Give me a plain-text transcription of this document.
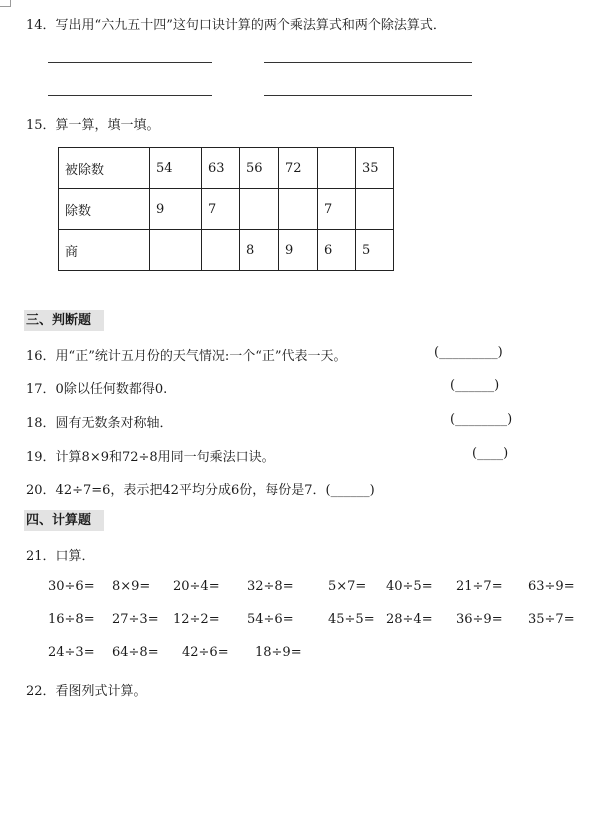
14．写出用“六九五十四”这句口诀计算的两个乘法算式和两个除法算式．
15．算一算，填一填。
被除数	54	63	56	72		35
除数	9	7			7	
商			8	9	6	5
三、判断题
16．用“正”统计五月份的天气情况:一个“正”代表一天。	(_________)
17．0除以任何数都得0.	(______)
18．圆有无数条对称轴．	(________)
19．计算8×9和72÷8用同一句乘法口诀。	(____)
20．42÷7=6，表示把42平均分成6份，每份是7．(______)
四、计算题
21．口算．
30÷6= 8×9= 20÷4= 32÷8=	5×7= 40÷5= 21÷7= 63÷9=
16÷8= 27÷3= 12÷2= 54÷6=	45÷5= 28÷4= 36÷9= 35÷7=
24÷3= 64÷8= 42÷6= 18÷9=
22．看图列式计算。
